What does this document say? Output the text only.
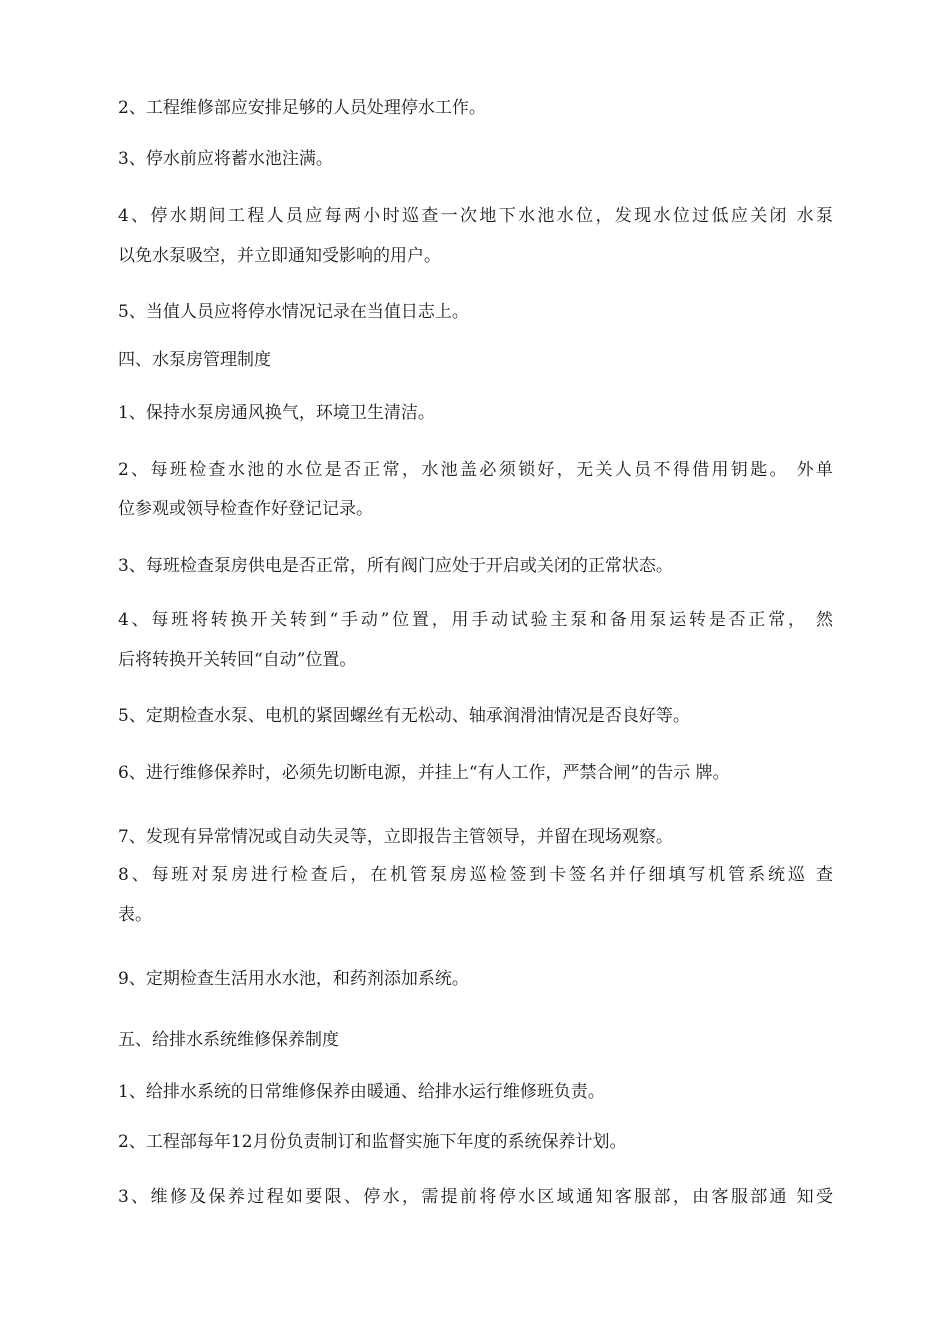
2、工程维修部应安排足够的人员处理停水工作。
3、停水前应将蓄水池注满。
4、停水期间工程人员应每两小时巡查一次地下水池水位，发现水位过低应关闭 水泵
以免水泵吸空，并立即通知受影响的用户。
5、当值人员应将停水情况记录在当值日志上。
四、水泵房管理制度
1、保持水泵房通风换气，环境卫生清洁。
2、每班检查水池的水位是否正常，水池盖必须锁好，无关人员不得借用钥匙。 外单
位参观或领导检查作好登记记录。
3、每班检查泵房供电是否正常，所有阀门应处于开启或关闭的正常状态。
4、每班将转换开关转到“手动”位置，用手动试验主泵和备用泵运转是否正常， 然
后将转换开关转回“自动”位置。
5、定期检查水泵、电机的紧固螺丝有无松动、轴承润滑油情况是否良好等。
6、进行维修保养时，必须先切断电源，并挂上“有人工作，严禁合闸”的告示 牌。
7、发现有异常情况或自动失灵等，立即报告主管领导，并留在现场观察。
8、每班对泵房进行检查后，在机管泵房巡检签到卡签名并仔细填写机管系统巡 查
表。
9、定期检查生活用水水池，和药剂添加系统。
五、给排水系统维修保养制度
1、给排水系统的日常维修保养由暖通、给排水运行维修班负责。
2、工程部每年12月份负责制订和监督实施下年度的系统保养计划。
3、维修及保养过程如要限、停水，需提前将停水区域通知客服部，由客服部通 知受
